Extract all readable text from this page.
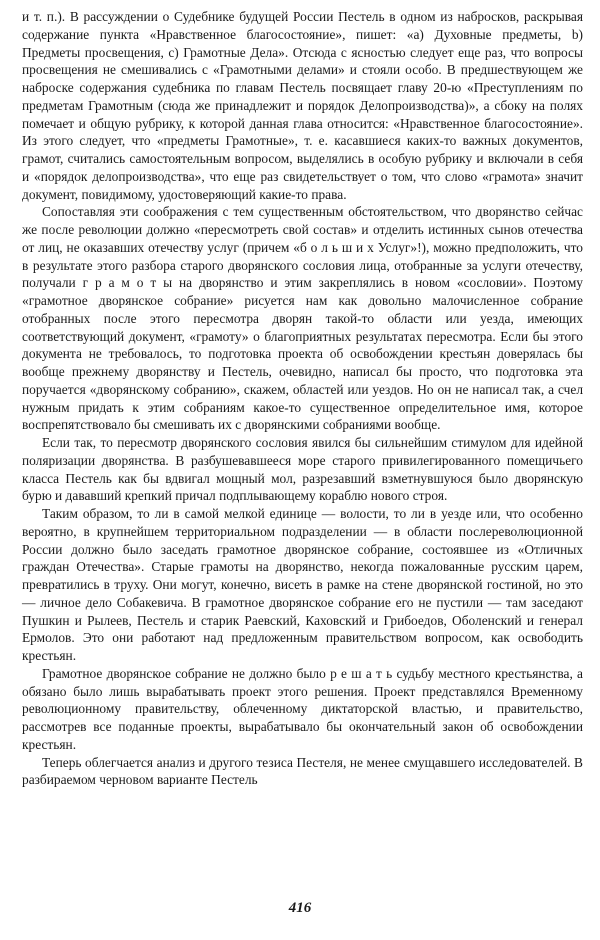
и т. п.). В рассуждении о Судебнике будущей России Пестель в одном из набросков, раскрывая содержание пункта «Нравственное благосостояние», пишет: «а) Духовные предметы, b) Предметы просвещения, с) Грамотные Дела». Отсюда с ясностью следует еще раз, что вопросы просвещения не смешивались с «Грамотными делами» и стояли особо. В предшествующем же наброске содержания судебника по главам Пестель посвящает главу 20-ю «Преступлениям по предметам Грамотным (сюда же принадлежит и порядок Делопроизводства)», а сбоку на полях помечает и общую рубрику, к которой данная глава относится: «Нравственное благосостояние». Из этого следует, что «предметы Грамотные», т. е. касавшиеся каких-то важных документов, грамот, считались самостоятельным вопросом, выделялись в особую рубрику и включали в себя и «порядок делопроизводства», что еще раз свидетельствует о том, что слово «грамота» значит документ, повидимому, удостоверяющий какие-то права.

Сопоставляя эти соображения с тем существенным обстоятельством, что дворянство сейчас же после революции должно «пересмотреть свой состав» и отделить истинных сынов отечества от лиц, не оказавших отечеству услуг (причем «б о л ь ш и х Услуг»!), можно предположить, что в результате этого разбора старого дворянского сословия лица, отобранные за услуги отечеству, получали г р а м о т ы на дворянство и этим закреплялись в новом «сословии». Поэтому «грамотное дворянское собрание» рисуется нам как довольно малочисленное собрание отобранных после этого пересмотра дворян такой-то области или уезда, имеющих соответствующий документ, «грамоту» о благоприятных результатах пересмотра. Если бы этого документа не требовалось, то подготовка проекта об освобождении крестьян доверялась бы вообще прежнему дворянству и Пестель, очевидно, написал бы просто, что подготовка эта поручается «дворянскому собранию», скажем, областей или уездов. Но он не написал так, а счел нужным придать к этим собраниям какое-то существенное определительное имя, которое воспрепятствовало бы смешивать их с дворянскими собраниями вообще.

Если так, то пересмотр дворянского сословия явился бы сильнейшим стимулом для идейной поляризации дворянства. В разбушевавшееся море старого привилегированного помещичьего класса Пестель как бы вдвигал мощный мол, разрезавший взметнувшуюся было дворянскую бурю и дававший крепкий причал подплывающему кораблю нового строя.

Таким образом, то ли в самой мелкой единице — волости, то ли в уезде или, что особенно вероятно, в крупнейшем территориальном подразделении — в области послереволюционной России должно было заседать грамотное дворянское собрание, состоявшее из «Отличных граждан Отечества». Старые грамоты на дворянство, некогда пожалованные русским царем, превратились в труху. Они могут, конечно, висеть в рамке на стене дворянской гостиной, но это — личное дело Собакевича. В грамотное дворянское собрание его не пустили — там заседают Пушкин и Рылеев, Пестель и старик Раевский, Каховский и Грибоедов, Оболенский и генерал Ермолов. Это они работают над предложенным правительством вопросом, как освободить крестьян.

Грамотное дворянское собрание не должно было р е ш а т ь судьбу местного крестьянства, а обязано было лишь вырабатывать проект этого решения. Проект представлялся Временному революционному правительству, облеченному диктаторской властью, и правительство, рассмотрев все поданные проекты, вырабатывало бы окончательный закон об освобождении крестьян.

Теперь облегчается анализ и другого тезиса Пестеля, не менее смущавшего исследователей. В разбираемом черновом варианте Пестель

416
